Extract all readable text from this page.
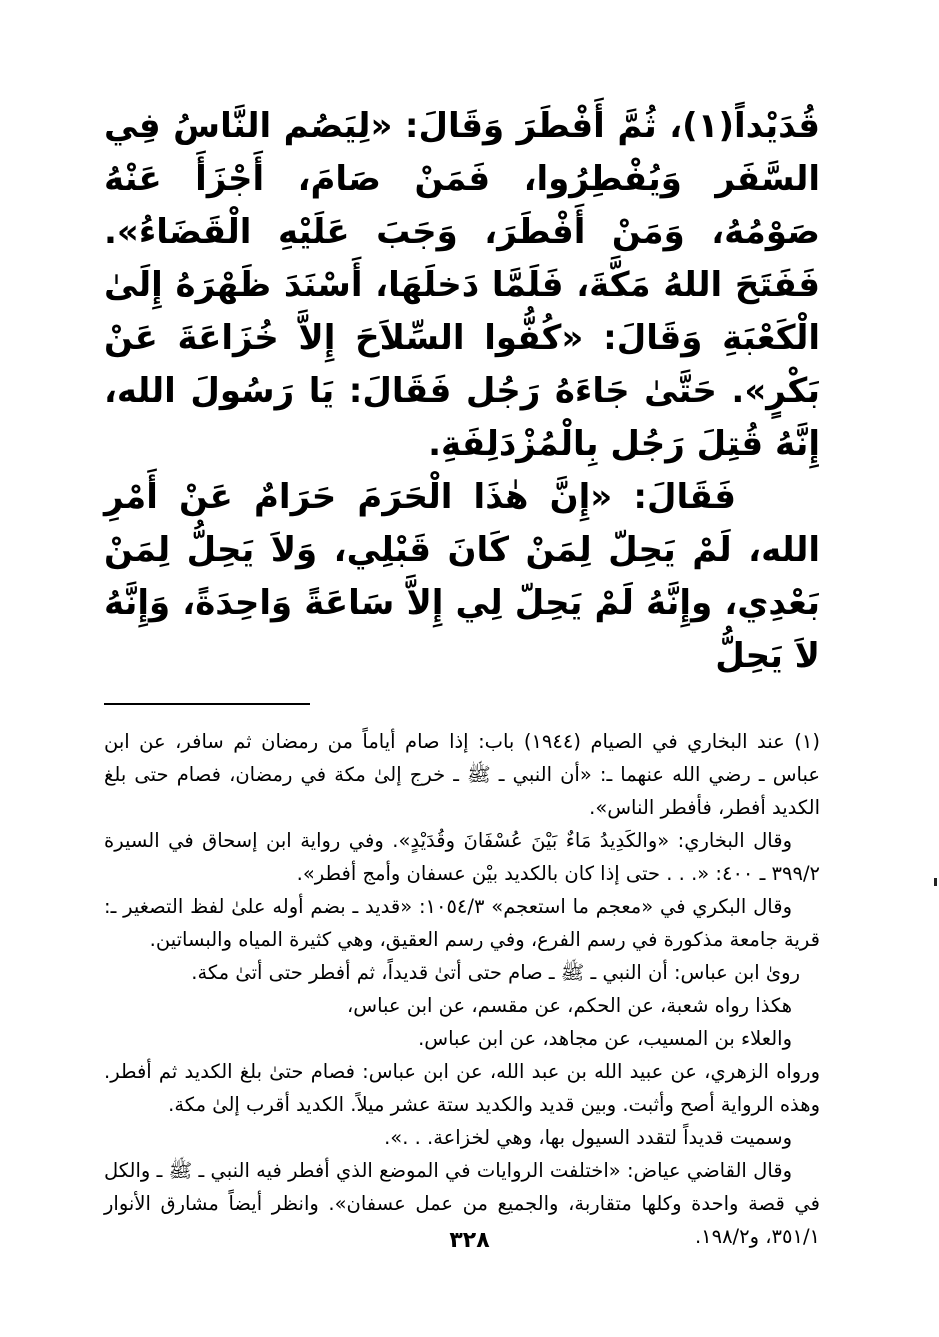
قُدَيْداً(١)، ثُمَّ أَفْطَرَ وَقَالَ: «لِيَصُم النَّاسُ فِي السَّفَر وَيُفْطِرُوا، فَمَنْ صَامَ، أَجْزَأَ عَنْهُ صَوْمُهُ، وَمَنْ أَفْطَرَ، وَجَبَ عَلَيْهِ الْقَضَاءُ». فَفَتَحَ اللهُ مَكَّةَ، فَلَمَّا دَخلَهَا، أَسْنَدَ ظَهْرَهُ إِلَىٰ الْكَعْبَةِ وَقَالَ: «كُفُّوا السِّلاَحَ إِلاَّ خُزَاعَةَ عَنْ بَكْرٍ». حَتَّىٰ جَاءَهُ رَجُل فَقَالَ: يَا رَسُولَ الله، إِنَّهُ قُتِلَ رَجُل بِالْمُزْدَلِفَةِ.

فَقَالَ: «إِنَّ هٰذَا الْحَرَمَ حَرَامٌ عَنْ أَمْرِ الله، لَمْ يَحِلّ لِمَنْ كَانَ قَبْلِي، وَلاَ يَحِلُّ لِمَنْ بَعْدِي، وإِنَّهُ لَمْ يَحِلّ لِي إِلاَّ سَاعَةً وَاحِدَةً، وَإِنَّهُ لاَ يَحِلُّ

(١) عند البخاري في الصيام (١٩٤٤) باب: إذا صام أياماً من رمضان ثم سافر، عن ابن عباس ـ رضي الله عنهما ـ: «أن النبي ـ ﷺ ـ خرج إلىٰ مكة في رمضان، فصام حتى بلغ الكديد أفطر، فأفطر الناس».

وقال البخاري: «والكَدِيدُ مَاءٌ بَيْنَ عُسْفَانَ وقُدَيْدٍ». وفي رواية ابن إسحاق في السيرة ٣٩٩/٢ ـ ٤٠٠: «. . . حتى إذا كان بالكديد بيْن عسفان وأمج أفطر».

وقال البكري في «معجم ما استعجم» ١٠٥٤/٣: «قديد ـ بضم أوله علىٰ لفظ التصغير ـ: قرية جامعة مذكورة في رسم الفرع، وفي رسم العقيق، وهي كثيرة المياه والبساتين.

روىٰ ابن عباس: أن النبي ـ ﷺ ـ صام حتى أتىٰ قديداً، ثم أفطر حتى أتىٰ مكة.

هكذا رواه شعبة، عن الحكم، عن مقسم، عن ابن عباس،

والعلاء بن المسيب، عن مجاهد، عن ابن عباس.

ورواه الزهري، عن عبيد الله بن عبد الله، عن ابن عباس: فصام حتىٰ بلغ الكديد ثم أفطر. وهذه الرواية أصح وأثبت. وبين قديد والكديد ستة عشر ميلاً. الكديد أقرب إلىٰ مكة.

وسميت قديداً لتقدد السيول بها، وهي لخزاعة. . .».

وقال القاضي عياض: «اختلفت الروايات في الموضع الذي أفطر فيه النبي ـ ﷺ ـ والكل في قصة واحدة وكلها متقاربة، والجميع من عمل عسفان». وانظر أيضاً مشارق الأنوار ٣٥١/١، و١٩٨/٢.

٣٢٨
